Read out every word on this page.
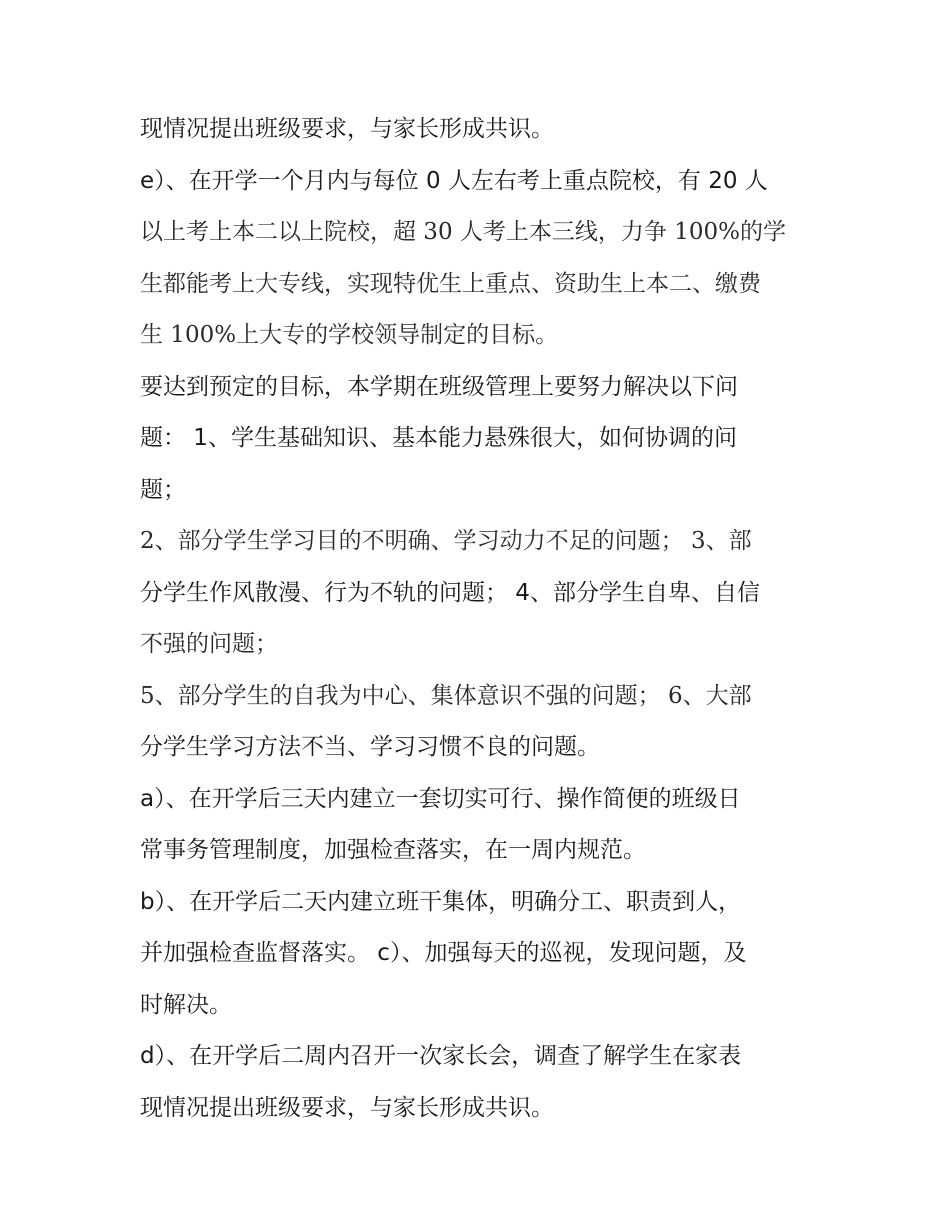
现情况提出班级要求，与家长形成共识。
e）、在开学一个月内与每位 0 人左右考上重点院校，有 20 人
以上考上本二以上院校，超 30 人考上本三线，力争 100%的学
生都能考上大专线，实现特优生上重点、资助生上本二、缴费
生 100%上大专的学校领导制定的目标。
要达到预定的目标，本学期在班级管理上要努力解决以下问
题： 1、学生基础知识、基本能力悬殊很大，如何协调的问
题；
2、部分学生学习目的不明确、学习动力不足的问题； 3、部
分学生作风散漫、行为不轨的问题； 4、部分学生自卑、自信
不强的问题；
5、部分学生的自我为中心、集体意识不强的问题； 6、大部
分学生学习方法不当、学习习惯不良的问题。
a）、在开学后三天内建立一套切实可行、操作简便的班级日
常事务管理制度，加强检查落实，在一周内规范。
b）、在开学后二天内建立班干集体，明确分工、职责到人，
并加强检查监督落实。 c）、加强每天的巡视，发现问题，及
时解决。
d）、在开学后二周内召开一次家长会，调查了解学生在家表
现情况提出班级要求，与家长形成共识。
